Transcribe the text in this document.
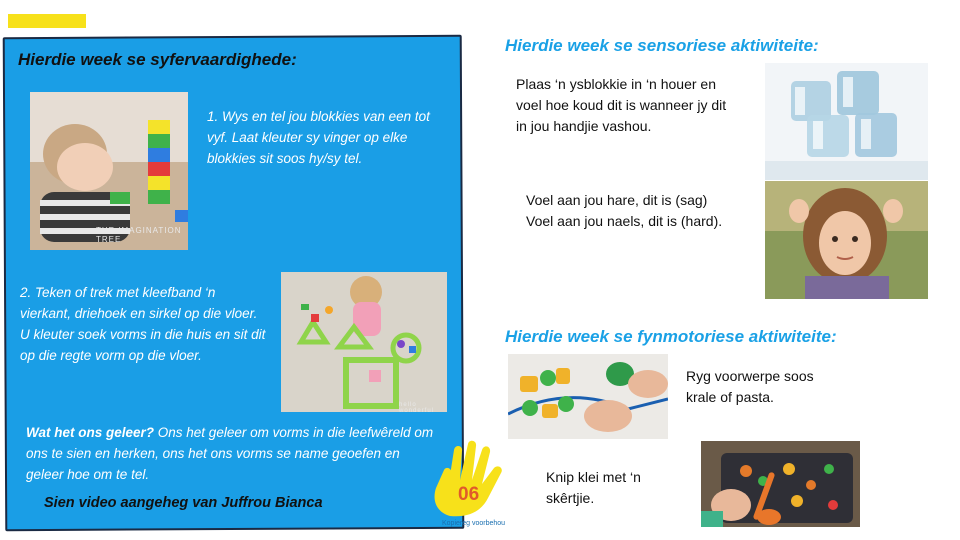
Hierdie week se syfervaardighede:
THE IMAGINATION TREE
1. Wys en tel jou blokkies van een tot vyf. Laat kleuter sy vinger op elke blokkies sit soos hy/sy tel.
2. Teken of trek met kleefband ‘n vierkant, driehoek en sirkel op die vloer. U kleuter soek vorms in die huis en sit dit op die regte vorm op die vloer.
hello wonderful
Wat het ons geleer? Ons het geleer om vorms in die leefwêreld om ons te sien en herken, ons het ons vorms se name geoefen en geleer hoe om te tel.
Sien video aangeheg van Juffrou Bianca	06
Kopiereg voorbehou
Hierdie week se sensoriese aktiwiteite:
Plaas ‘n ysblokkie in ‘n houer en voel hoe koud dit is wanneer jy dit in jou handjie vashou.
Voel aan jou hare, dit is (sag)
Voel aan jou naels, dit is (hard).
Hierdie week se fynmotoriese aktiwiteite:
Ryg voorwerpe soos krale of pasta.
Knip klei met ‘n skêrtjie.
